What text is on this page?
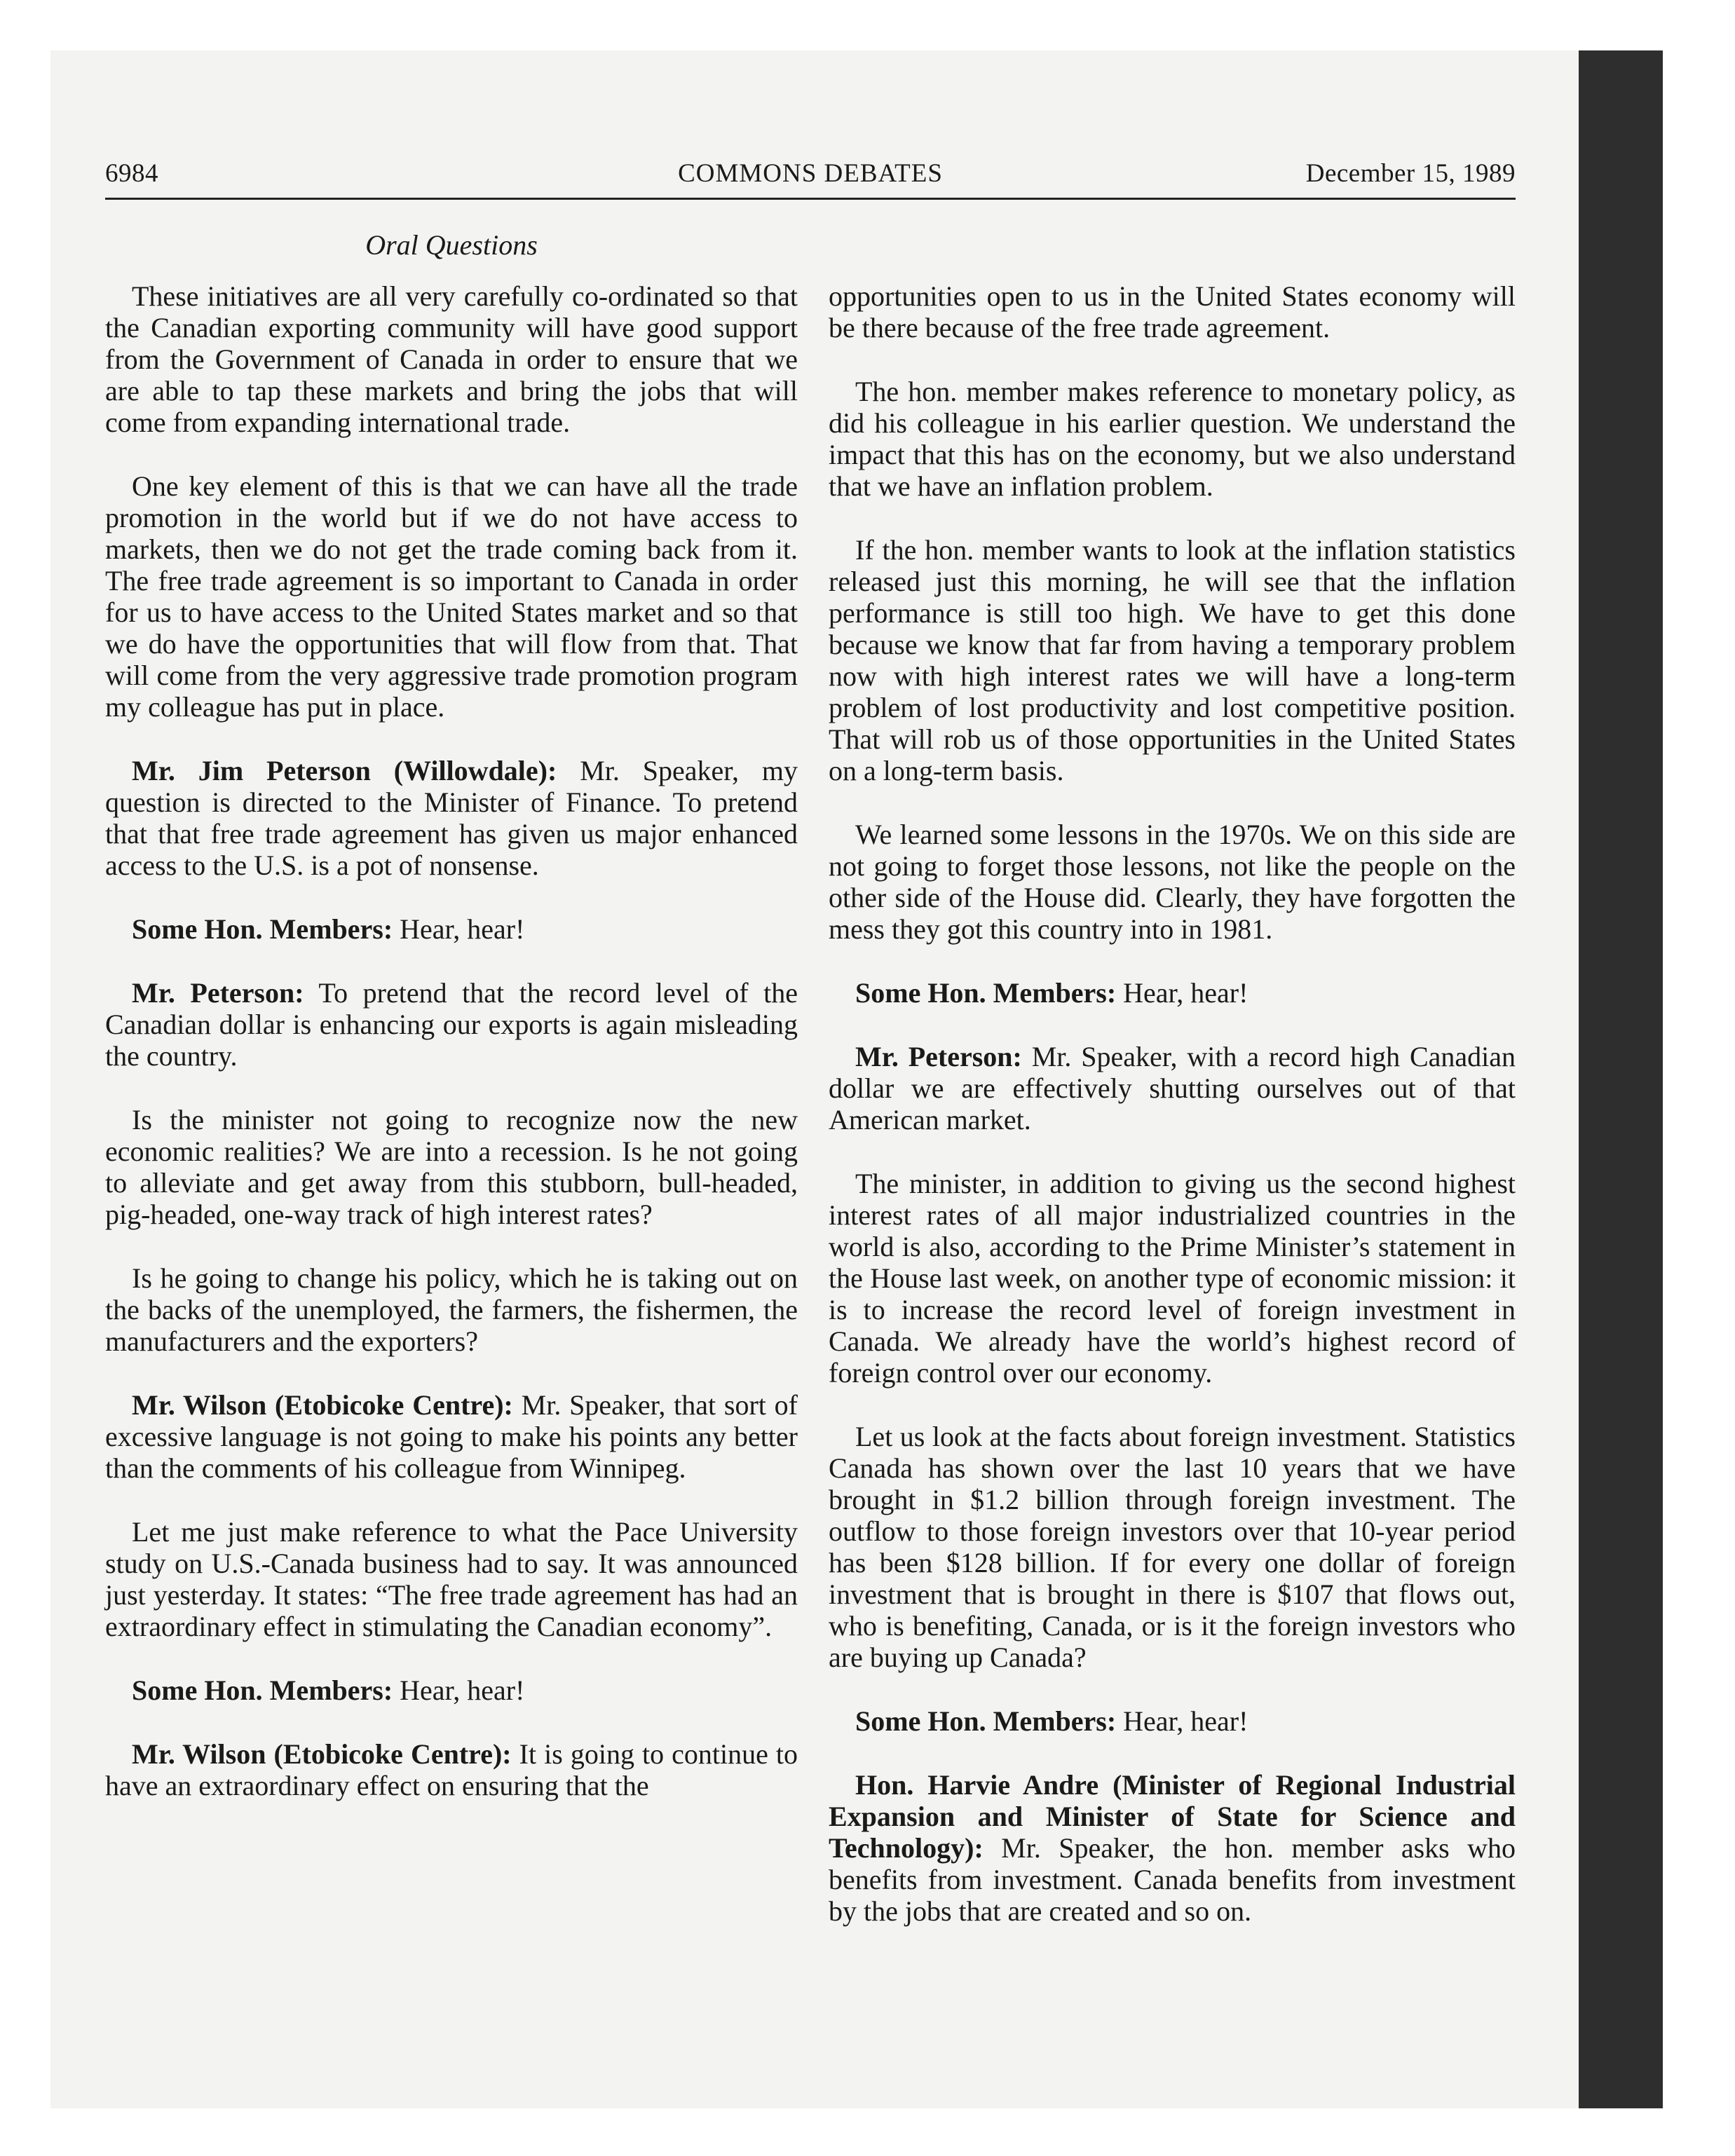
6984	COMMONS DEBATES	December 15, 1989
Oral Questions

These initiatives are all very carefully co-ordinated so that the Canadian exporting community will have good support from the Government of Canada in order to ensure that we are able to tap these markets and bring the jobs that will come from expanding international trade.

One key element of this is that we can have all the trade promotion in the world but if we do not have access to markets, then we do not get the trade coming back from it. The free trade agreement is so important to Canada in order for us to have access to the United States market and so that we do have the opportunities that will flow from that. That will come from the very aggressive trade promotion program my colleague has put in place.

Mr. Jim Peterson (Willowdale): Mr. Speaker, my question is directed to the Minister of Finance. To pretend that that free trade agreement has given us major enhanced access to the U.S. is a pot of nonsense.

Some Hon. Members: Hear, hear!

Mr. Peterson: To pretend that the record level of the Canadian dollar is enhancing our exports is again misleading the country.

Is the minister not going to recognize now the new economic realities? We are into a recession. Is he not going to alleviate and get away from this stubborn, bull-headed, pig-headed, one-way track of high interest rates?

Is he going to change his policy, which he is taking out on the backs of the unemployed, the farmers, the fishermen, the manufacturers and the exporters?

Mr. Wilson (Etobicoke Centre): Mr. Speaker, that sort of excessive language is not going to make his points any better than the comments of his colleague from Winnipeg.

Let me just make reference to what the Pace University study on U.S.-Canada business had to say. It was announced just yesterday. It states: “The free trade agreement has had an extraordinary effect in stimulating the Canadian economy”.

Some Hon. Members: Hear, hear!

Mr. Wilson (Etobicoke Centre): It is going to continue to have an extraordinary effect on ensuring that the

opportunities open to us in the United States economy will be there because of the free trade agreement.

The hon. member makes reference to monetary policy, as did his colleague in his earlier question. We understand the impact that this has on the economy, but we also understand that we have an inflation problem.

If the hon. member wants to look at the inflation statistics released just this morning, he will see that the inflation performance is still too high. We have to get this done because we know that far from having a temporary problem now with high interest rates we will have a long-term problem of lost productivity and lost competitive position. That will rob us of those opportunities in the United States on a long-term basis.

We learned some lessons in the 1970s. We on this side are not going to forget those lessons, not like the people on the other side of the House did. Clearly, they have forgotten the mess they got this country into in 1981.

Some Hon. Members: Hear, hear!

Mr. Peterson: Mr. Speaker, with a record high Canadian dollar we are effectively shutting ourselves out of that American market.

The minister, in addition to giving us the second highest interest rates of all major industrialized countries in the world is also, according to the Prime Minister’s statement in the House last week, on another type of economic mission: it is to increase the record level of foreign investment in Canada. We already have the world’s highest record of foreign control over our economy.

Let us look at the facts about foreign investment. Statistics Canada has shown over the last 10 years that we have brought in $1.2 billion through foreign investment. The outflow to those foreign investors over that 10-year period has been $128 billion. If for every one dollar of foreign investment that is brought in there is $107 that flows out, who is benefiting, Canada, or is it the foreign investors who are buying up Canada?

Some Hon. Members: Hear, hear!

Hon. Harvie Andre (Minister of Regional Industrial Expansion and Minister of State for Science and Technology): Mr. Speaker, the hon. member asks who benefits from investment. Canada benefits from investment by the jobs that are created and so on.
